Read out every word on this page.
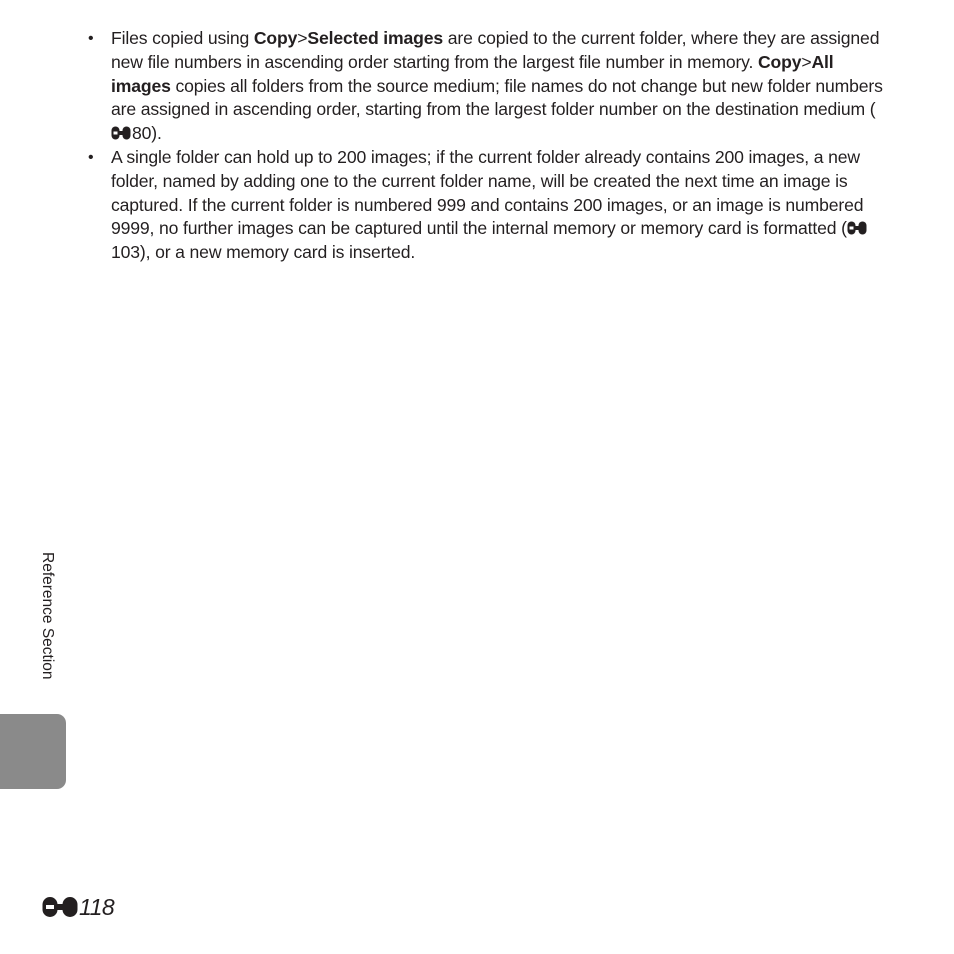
• Files copied using Copy>Selected images are copied to the current folder, where they are assigned new file numbers in ascending order starting from the largest file number in memory. Copy>All images copies all folders from the source medium; file names do not change but new folder numbers are assigned in ascending order, starting from the largest folder number on the destination medium (80).
• A single folder can hold up to 200 images; if the current folder already contains 200 images, a new folder, named by adding one to the current folder name, will be created the next time an image is captured. If the current folder is numbered 999 and contains 200 images, or an image is numbered 9999, no further images can be captured until the internal memory or memory card is formatted (103), or a new memory card is inserted.
Reference Section
118
